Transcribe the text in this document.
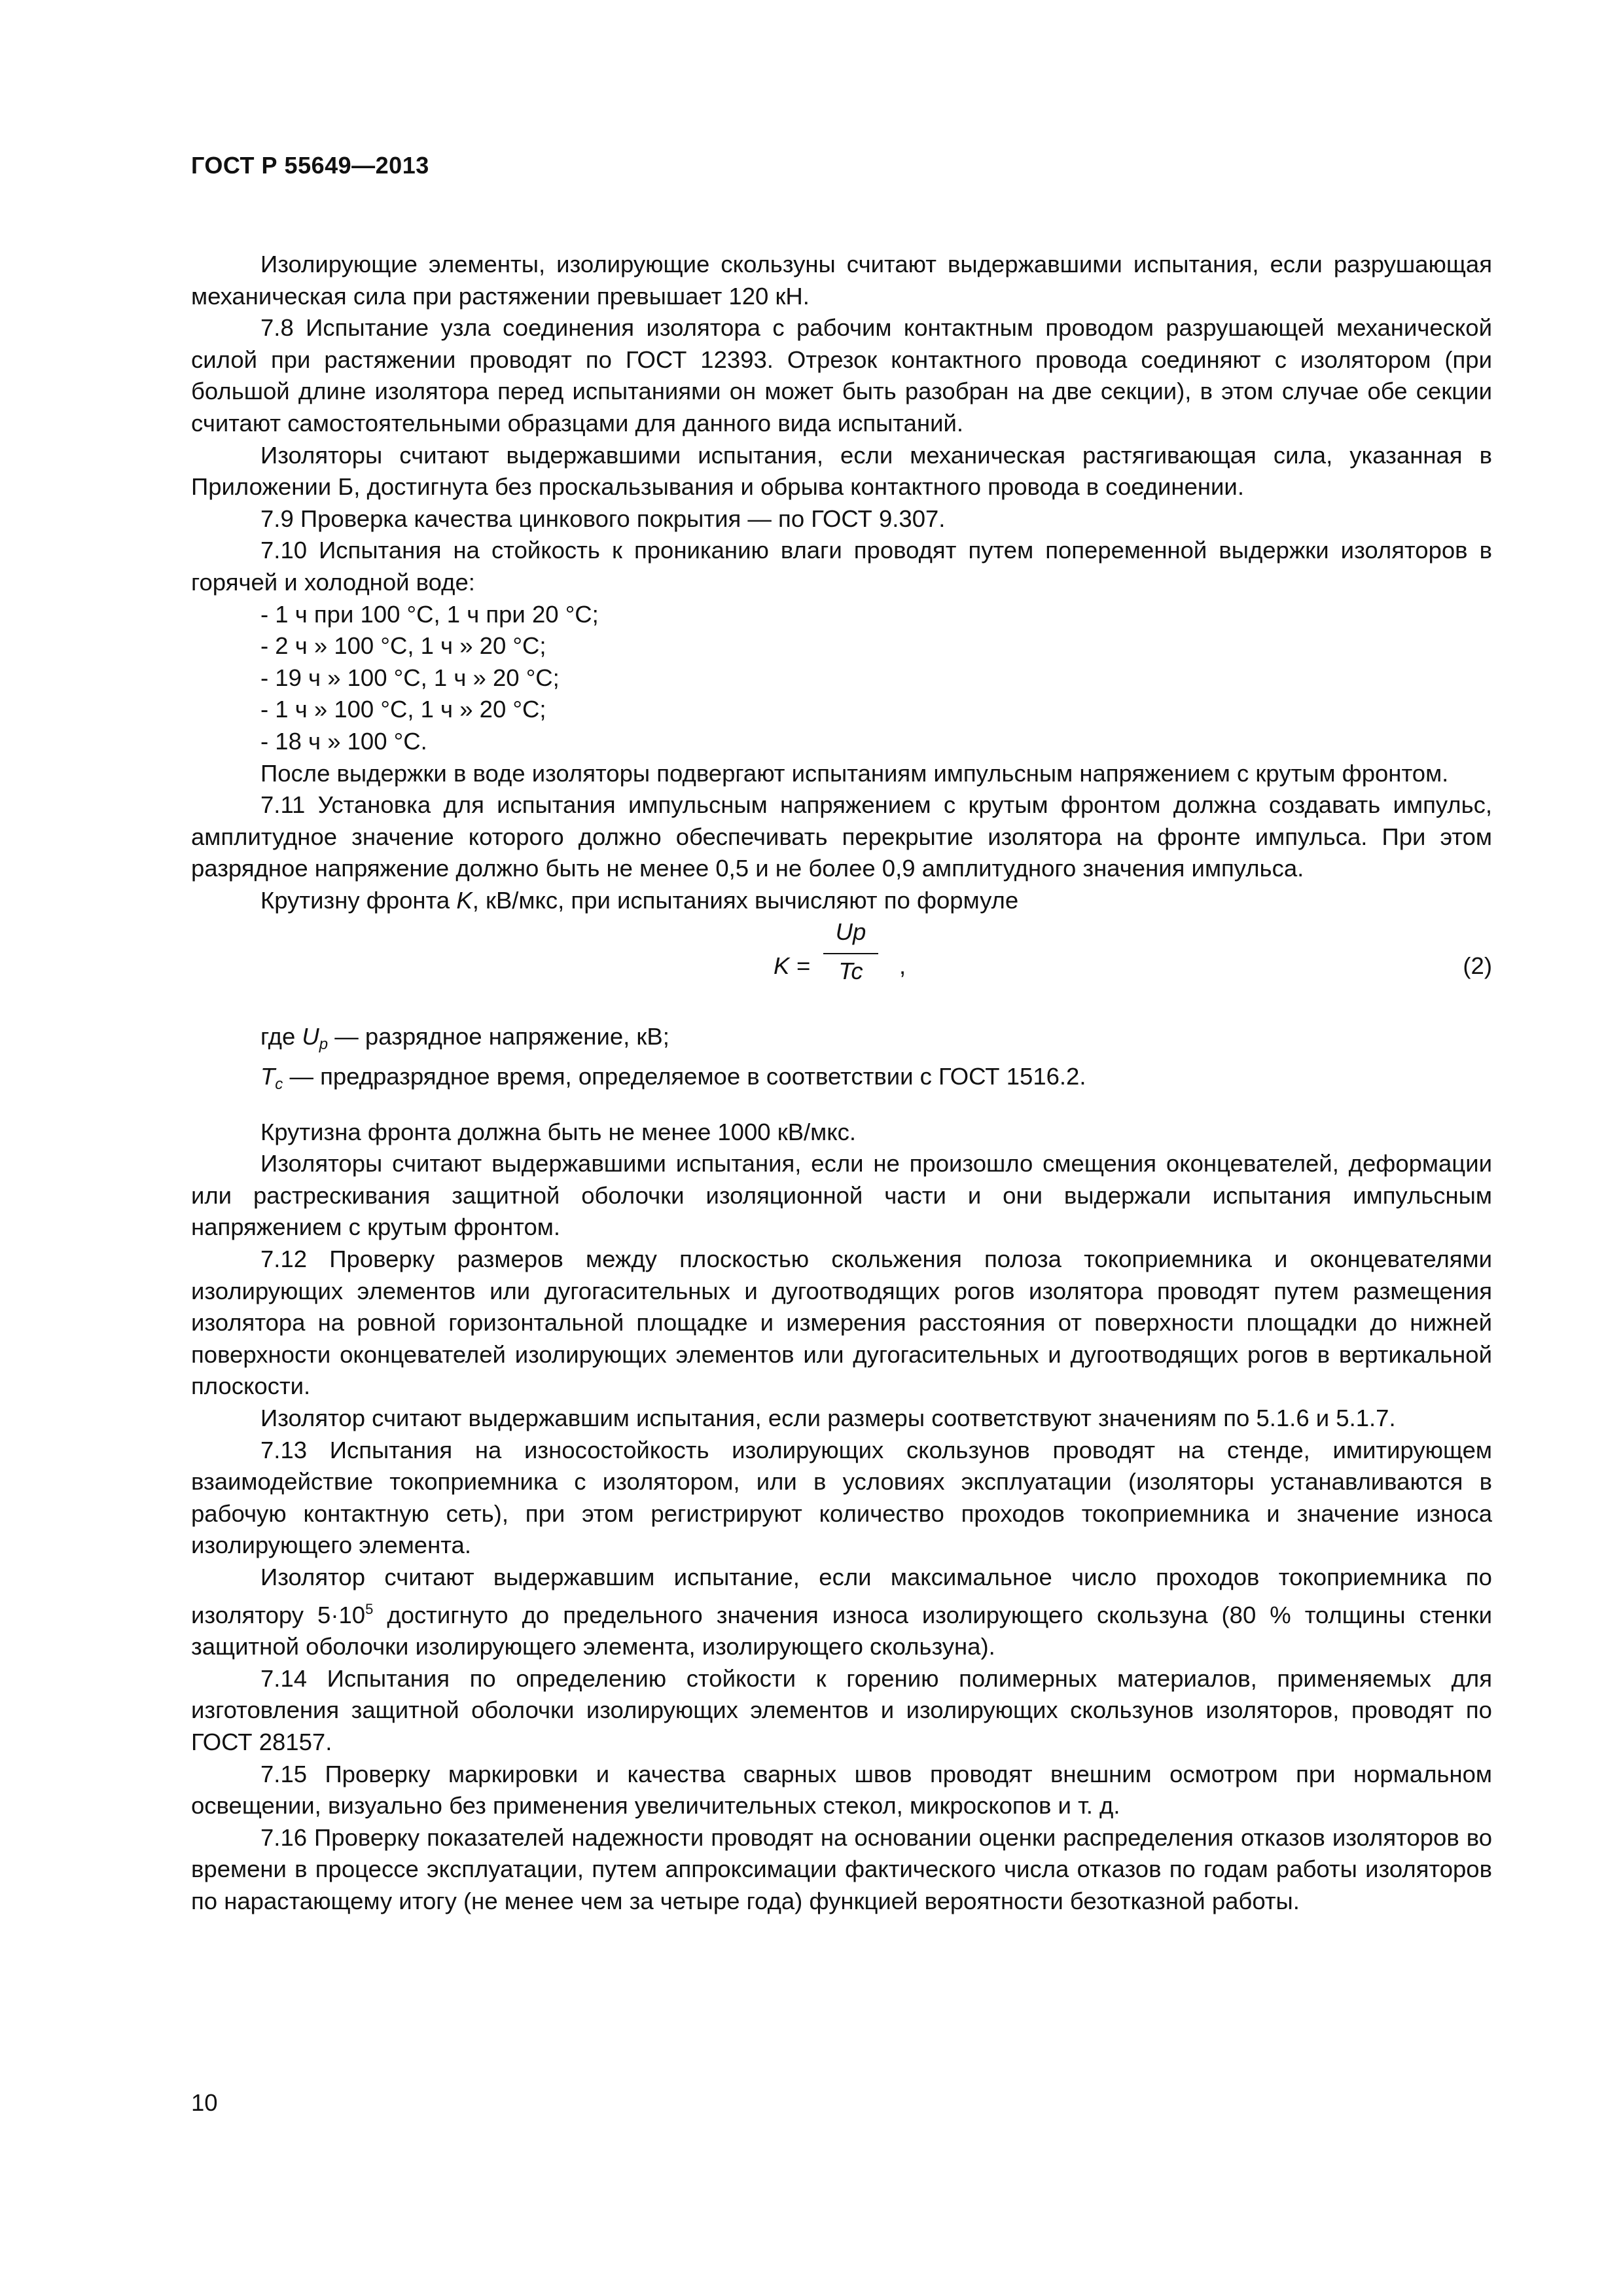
ГОСТ Р 55649—2013

Изолирующие элементы, изолирующие скользуны считают выдержавшими испытания, если разрушающая механическая сила при растяжении превышает 120 кН.

7.8 Испытание узла соединения изолятора с рабочим контактным проводом разрушающей механической силой при растяжении проводят по ГОСТ 12393. Отрезок контактного провода соединяют с изолятором (при большой длине изолятора перед испытаниями он может быть разобран на две секции), в этом случае обе секции считают самостоятельными образцами для данного вида испытаний.

Изоляторы считают выдержавшими испытания, если механическая растягивающая сила, указанная в Приложении Б, достигнута без проскальзывания и обрыва контактного провода в соединении.

7.9 Проверка качества цинкового покрытия — по ГОСТ 9.307.

7.10 Испытания на стойкость к прониканию влаги проводят путем попеременной выдержки изоляторов в горячей и холодной воде:

- 1 ч при 100 °С, 1 ч при 20 °С;

- 2 ч » 100 °С, 1 ч » 20 °С;

- 19 ч » 100 °С, 1 ч » 20 °С;

- 1 ч » 100 °С, 1 ч » 20 °С;

- 18 ч » 100 °С.

После выдержки в воде изоляторы подвергают испытаниям импульсным напряжением с крутым фронтом.

7.11 Установка для испытания импульсным напряжением с крутым фронтом должна создавать импульс, амплитудное значение которого должно обеспечивать перекрытие изолятора на фронте импульса. При этом разрядное напряжение должно быть не менее 0,5 и не более 0,9 амплитудного значения импульса.

Крутизну фронта K, кВ/мкс, при испытаниях вычисляют по формуле

K =
Up
Tc	,	(2)

где $U_p$ — разрядное напряжение, кВ;

$T_c$ — предразрядное время, определяемое в соответствии с ГОСТ 1516.2.

Крутизна фронта должна быть не менее 1000 кВ/мкс.

Изоляторы считают выдержавшими испытания, если не произошло смещения оконцевателей, деформации или растрескивания защитной оболочки изоляционной части и они выдержали испытания импульсным напряжением с крутым фронтом.

7.12 Проверку размеров между плоскостью скольжения полоза токоприемника и оконцевателями изолирующих элементов или дугогасительных и дугоотводящих рогов изолятора проводят путем размещения изолятора на ровной горизонтальной площадке и измерения расстояния от поверхности площадки до нижней поверхности оконцевателей изолирующих элементов или дугогасительных и дугоотводящих рогов в вертикальной плоскости.

Изолятор считают выдержавшим испытания, если размеры соответствуют значениям по 5.1.6 и 5.1.7.

7.13 Испытания на износостойкость изолирующих скользунов проводят на стенде, имитирующем взаимодействие токоприемника с изолятором, или в условиях эксплуатации (изоляторы устанавливаются в рабочую контактную сеть), при этом регистрируют количество проходов токоприемника и значение износа изолирующего элемента.

Изолятор считают выдержавшим испытание, если максимальное число проходов токоприемника по изолятору $5\cdot 10^5$ достигнуто до предельного значения износа изолирующего скользуна (80 % толщины стенки защитной оболочки изолирующего элемента, изолирующего скользуна).

7.14 Испытания по определению стойкости к горению полимерных материалов, применяемых для изготовления защитной оболочки изолирующих элементов и изолирующих скользунов изоляторов, проводят по ГОСТ 28157.

7.15 Проверку маркировки и качества сварных швов проводят внешним осмотром при нормальном освещении, визуально без применения увеличительных стекол, микроскопов и т. д.

7.16 Проверку показателей надежности проводят на основании оценки распределения отказов изоляторов во времени в процессе эксплуатации, путем аппроксимации фактического числа отказов по годам работы изоляторов по нарастающему итогу (не менее чем за четыре года) функцией вероятности безотказной работы.

10
